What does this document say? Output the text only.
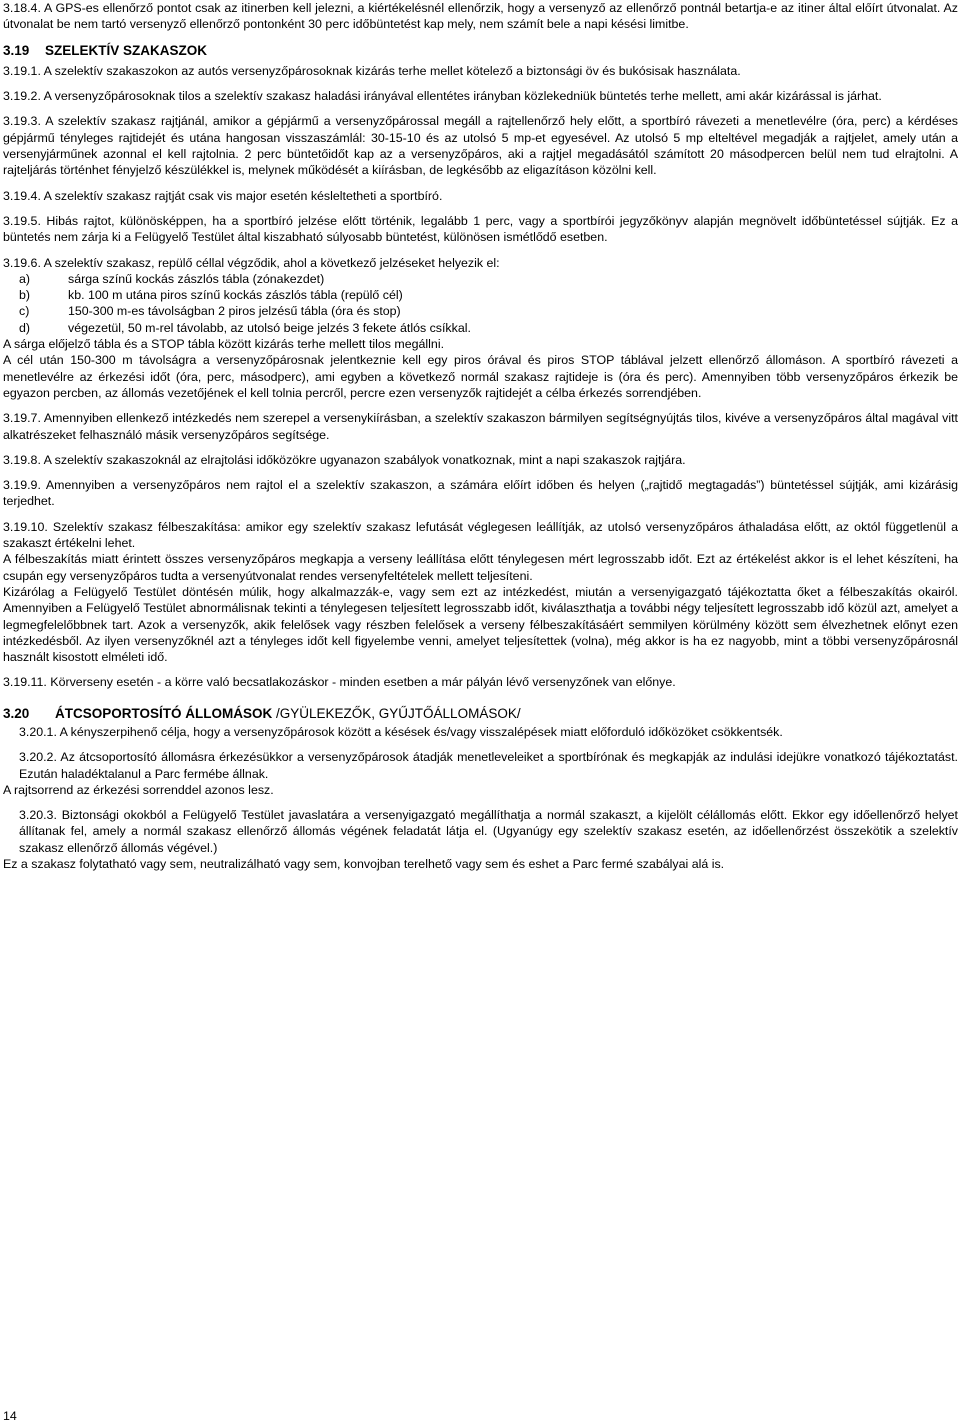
3.18.4. A GPS-es ellenőrző pontot csak az itinerben kell jelezni, a kiértékelésnél ellenőrzik, hogy a versenyző az ellenőrző pontnál betartja-e az itiner által előírt útvonalat. Az útvonalat be nem tartó versenyző ellenőrző pontonként 30 perc időbüntetést kap mely, nem számít bele a napi késési limitbe.

3.19 SZELEKTÍV SZAKASZOK

3.19.1. A szelektív szakaszokon az autós versenyzőpárosoknak kizárás terhe mellet kötelező a biztonsági öv és bukósisak használata.

3.19.2. A versenyzőpárosoknak tilos a szelektív szakasz haladási irányával ellentétes irányban közlekedniük büntetés terhe mellett, ami akár kizárással is járhat.

3.19.3. A szelektív szakasz rajtjánál, amikor a gépjármű a versenyzőpárossal megáll a rajtellenőrző hely előtt, a sportbíró rávezeti a menetlevélre (óra, perc) a kérdéses gépjármű tényleges rajtidejét és utána hangosan visszaszámlál: 30-15-10 és az utolsó 5 mp-et egyesével. Az utolsó 5 mp elteltével megadják a rajtjelet, amely után a versenyjárműnek azonnal el kell rajtolnia. 2 perc büntetőidőt kap az a versenyzőpáros, aki a rajtjel megadásától számított 20 másodpercen belül nem tud elrajtolni. A rajteljárás történhet fényjelző készülékkel is, melynek működését a kiírásban, de legkésőbb az eligazításon közölni kell.

3.19.4. A szelektív szakasz rajtját csak vis major esetén késleltetheti a sportbíró.

3.19.5. Hibás rajtot, különösképpen, ha a sportbíró jelzése előtt történik, legalább 1 perc, vagy a sportbírói jegyzőkönyv alapján megnövelt időbüntetéssel sújtják. Ez a büntetés nem zárja ki a Felügyelő Testület által kiszabható súlyosabb büntetést, különösen ismétlődő esetben.

3.19.6. A szelektív szakasz, repülő céllal végződik, ahol a következő jelzéseket helyezik el:

a)	sárga színű kockás zászlós tábla (zónakezdet)
b)	kb. 100 m utána piros színű kockás zászlós tábla (repülő cél)
c)	150-300 m-es távolságban 2 piros jelzésű tábla (óra és stop)
d)	végezetül, 50 m-rel távolabb, az utolsó beige jelzés 3 fekete átlós csíkkal.

A sárga előjelző tábla és a STOP tábla között kizárás terhe mellett tilos megállni.

A cél után 150-300 m távolságra a versenyzőpárosnak jelentkeznie kell egy piros órával és piros STOP táblával jelzett ellenőrző állomáson. A sportbíró rávezeti a menetlevélre az érkezési időt (óra, perc, másodperc), ami egyben a következő normál szakasz rajtideje is (óra és perc). Amennyiben több versenyzőpáros érkezik be egyazon percben, az állomás vezetőjének el kell tolnia percről, percre ezen versenyzők rajtidejét a célba érkezés sorrendjében.

3.19.7. Amennyiben ellenkező intézkedés nem szerepel a versenykiírásban, a szelektív szakaszon bármilyen segítségnyújtás tilos, kivéve a versenyzőpáros által magával vitt alkatrészeket felhasználó másik versenyzőpáros segítsége.

3.19.8. A szelektív szakaszoknál az elrajtolási időközökre ugyanazon szabályok vonatkoznak, mint a napi szakaszok rajtjára.

3.19.9. Amennyiben a versenyzőpáros nem rajtol el a szelektív szakaszon, a számára előírt időben és helyen („rajtidő megtagadás”) büntetéssel sújtják, ami kizárásig terjedhet.

3.19.10. Szelektív szakasz félbeszakítása: amikor egy szelektív szakasz lefutását véglegesen leállítják, az utolsó versenyzőpáros áthaladása előtt, az októl függetlenül a szakaszt értékelni lehet.

A félbeszakítás miatt érintett összes versenyzőpáros megkapja a verseny leállítása előtt ténylegesen mért legrosszabb időt. Ezt az értékelést akkor is el lehet készíteni, ha csupán egy versenyzőpáros tudta a versenyútvonalat rendes versenyfeltételek mellett teljesíteni.

Kizárólag a Felügyelő Testület döntésén múlik, hogy alkalmazzák-e, vagy sem ezt az intézkedést, miután a versenyigazgató tájékoztatta őket a félbeszakítás okairól. Amennyiben a Felügyelő Testület abnormálisnak tekinti a ténylegesen teljesített legrosszabb időt, kiválaszthatja a további négy teljesített legrosszabb idő közül azt, amelyet a legmegfelelőbbnek tart. Azok a versenyzők, akik felelősek vagy részben felelősek a verseny félbeszakításáért semmilyen körülmény között sem élvezhetnek előnyt ezen intézkedésből. Az ilyen versenyzőknél azt a tényleges időt kell figyelembe venni, amelyet teljesítettek (volna), még akkor is ha ez nagyobb, mint a többi versenyzőpárosnál használt kisostott elméleti idő.

3.19.11. Körverseny esetén - a körre való becsatlakozáskor - minden esetben a már pályán lévő versenyzőnek van előnye.

3.20 ÁTCSOPORTOSÍTÓ ÁLLOMÁSOK /GYÜLEKEZŐK, GYŰJTŐÁLLOMÁSOK/

3.20.1. A kényszerpihenő célja, hogy a versenyzőpárosok között a késések és/vagy visszalépések miatt előforduló időközöket csökkentsék.

3.20.2. Az átcsoportosító állomásra érkezésükkor a versenyzőpárosok átadják menetleveleiket a sportbírónak és megkapják az indulási idejükre vonatkozó tájékoztatást. Ezután haladéktalanul a Parc fermébe állnak.

A rajtsorrend az érkezési sorrenddel azonos lesz.

3.20.3. Biztonsági okokból a Felügyelő Testület javaslatára a versenyigazgató megállíthatja a normál szakaszt, a kijelölt célállomás előtt. Ekkor egy időellenőrző helyet állítanak fel, amely a normál szakasz ellenőrző állomás végének feladatát látja el. (Ugyanúgy egy szelektív szakasz esetén, az időellenőrzést összekötik a szelektív szakasz ellenőrző állomás végével.)

Ez a szakasz folytatható vagy sem, neutralizálható vagy sem, konvojban terelhető vagy sem és eshet a Parc fermé szabályai alá is.

14
